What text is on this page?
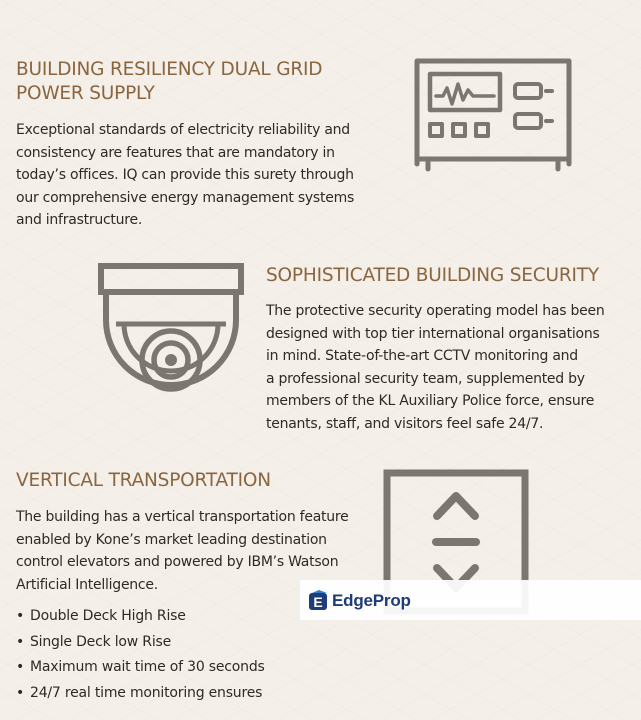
BUILDING RESILIENCY DUAL GRID
POWER SUPPLY

Exceptional standards of electricity reliability and
consistency are features that are mandatory in
today’s offices. IQ can provide this surety through
our comprehensive energy management systems
and infrastructure.

SOPHISTICATED BUILDING SECURITY

The protective security operating model has been
designed with top tier international organisations
in mind. State-of-the-art CCTV monitoring and
a professional security team, supplemented by
members of the KL Auxiliary Police force, ensure
tenants, staff, and visitors feel safe 24/7.

VERTICAL TRANSPORTATION

The building has a vertical transportation feature
enabled by Kone’s market leading destination
control elevators and powered by IBM’s Watson
Artificial Intelligence.

• Double Deck High Rise
• Single Deck low Rise
• Maximum wait time of 30 seconds
• 24/7 real time monitoring ensures
E EdgeProp
